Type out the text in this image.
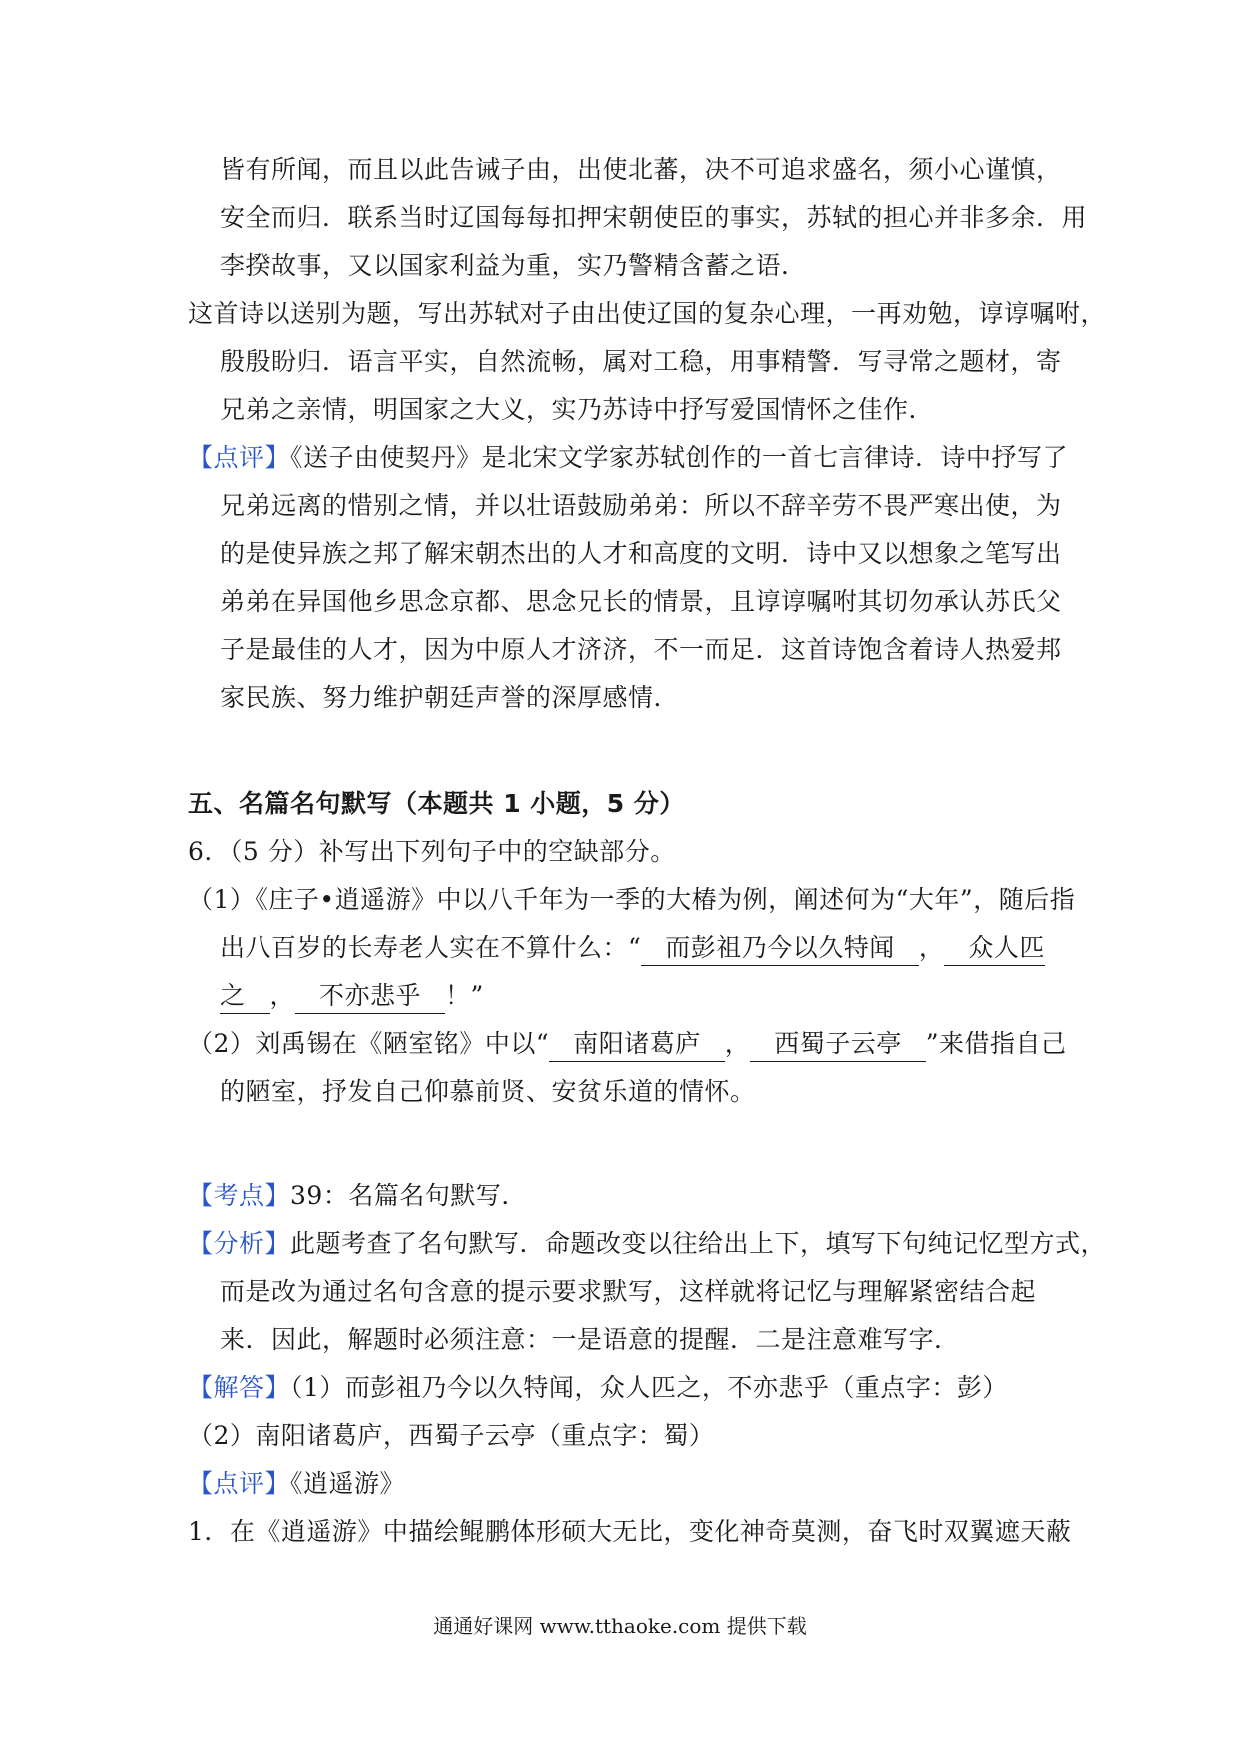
皆有所闻，而且以此告诫子由，出使北蕃，决不可追求盛名，须小心谨慎，
安全而归．联系当时辽国每每扣押宋朝使臣的事实，苏轼的担心并非多余．用
李揆故事，又以国家利益为重，实乃警精含蓄之语．
这首诗以送别为题，写出苏轼对子由出使辽国的复杂心理，一再劝勉，谆谆嘱咐，
殷殷盼归．语言平实，自然流畅，属对工稳，用事精警．写寻常之题材，寄
兄弟之亲情，明国家之大义，实乃苏诗中抒写爱国情怀之佳作．
【点评】《送子由使契丹》是北宋文学家苏轼创作的一首七言律诗．诗中抒写了
兄弟远离的惜别之情，并以壮语鼓励弟弟：所以不辞辛劳不畏严寒出使，为
的是使异族之邦了解宋朝杰出的人才和高度的文明．诗中又以想象之笔写出
弟弟在异国他乡思念京都、思念兄长的情景，且谆谆嘱咐其切勿承认苏氏父
子是最佳的人才，因为中原人才济济，不一而足．这首诗饱含着诗人热爱邦
家民族、努力维护朝廷声誉的深厚感情．
五、名篇名句默写（本题共 1 小题，5 分）
6．（5 分）补写出下列句子中的空缺部分。
（1）《庄子•逍遥游》中以八千年为一季的大椿为例，阐述何为“大年”，随后指
出八百岁的长寿老人实在不算什么：“ 而彭祖乃今以久特闻 ， 众人匹
之 ， 不亦悲乎 ！”
（2）刘禹锡在《陋室铭》中以“ 南阳诸葛庐 ， 西蜀子云亭 ”来借指自己
的陋室，抒发自己仰慕前贤、安贫乐道的情怀。
【考点】39：名篇名句默写．
【分析】此题考查了名句默写．命题改变以往给出上下，填写下句纯记忆型方式，
而是改为通过名句含意的提示要求默写，这样就将记忆与理解紧密结合起
来．因此，解题时必须注意：一是语意的提醒．二是注意难写字．
【解答】（1）而彭祖乃今以久特闻，众人匹之，不亦悲乎（重点字：彭）
（2）南阳诸葛庐，西蜀子云亭（重点字：蜀）
【点评】《逍遥游》
1．在《逍遥游》中描绘鲲鹏体形硕大无比，变化神奇莫测，奋飞时双翼遮天蔽
通通好课网 www.tthaoke.com 提供下载
